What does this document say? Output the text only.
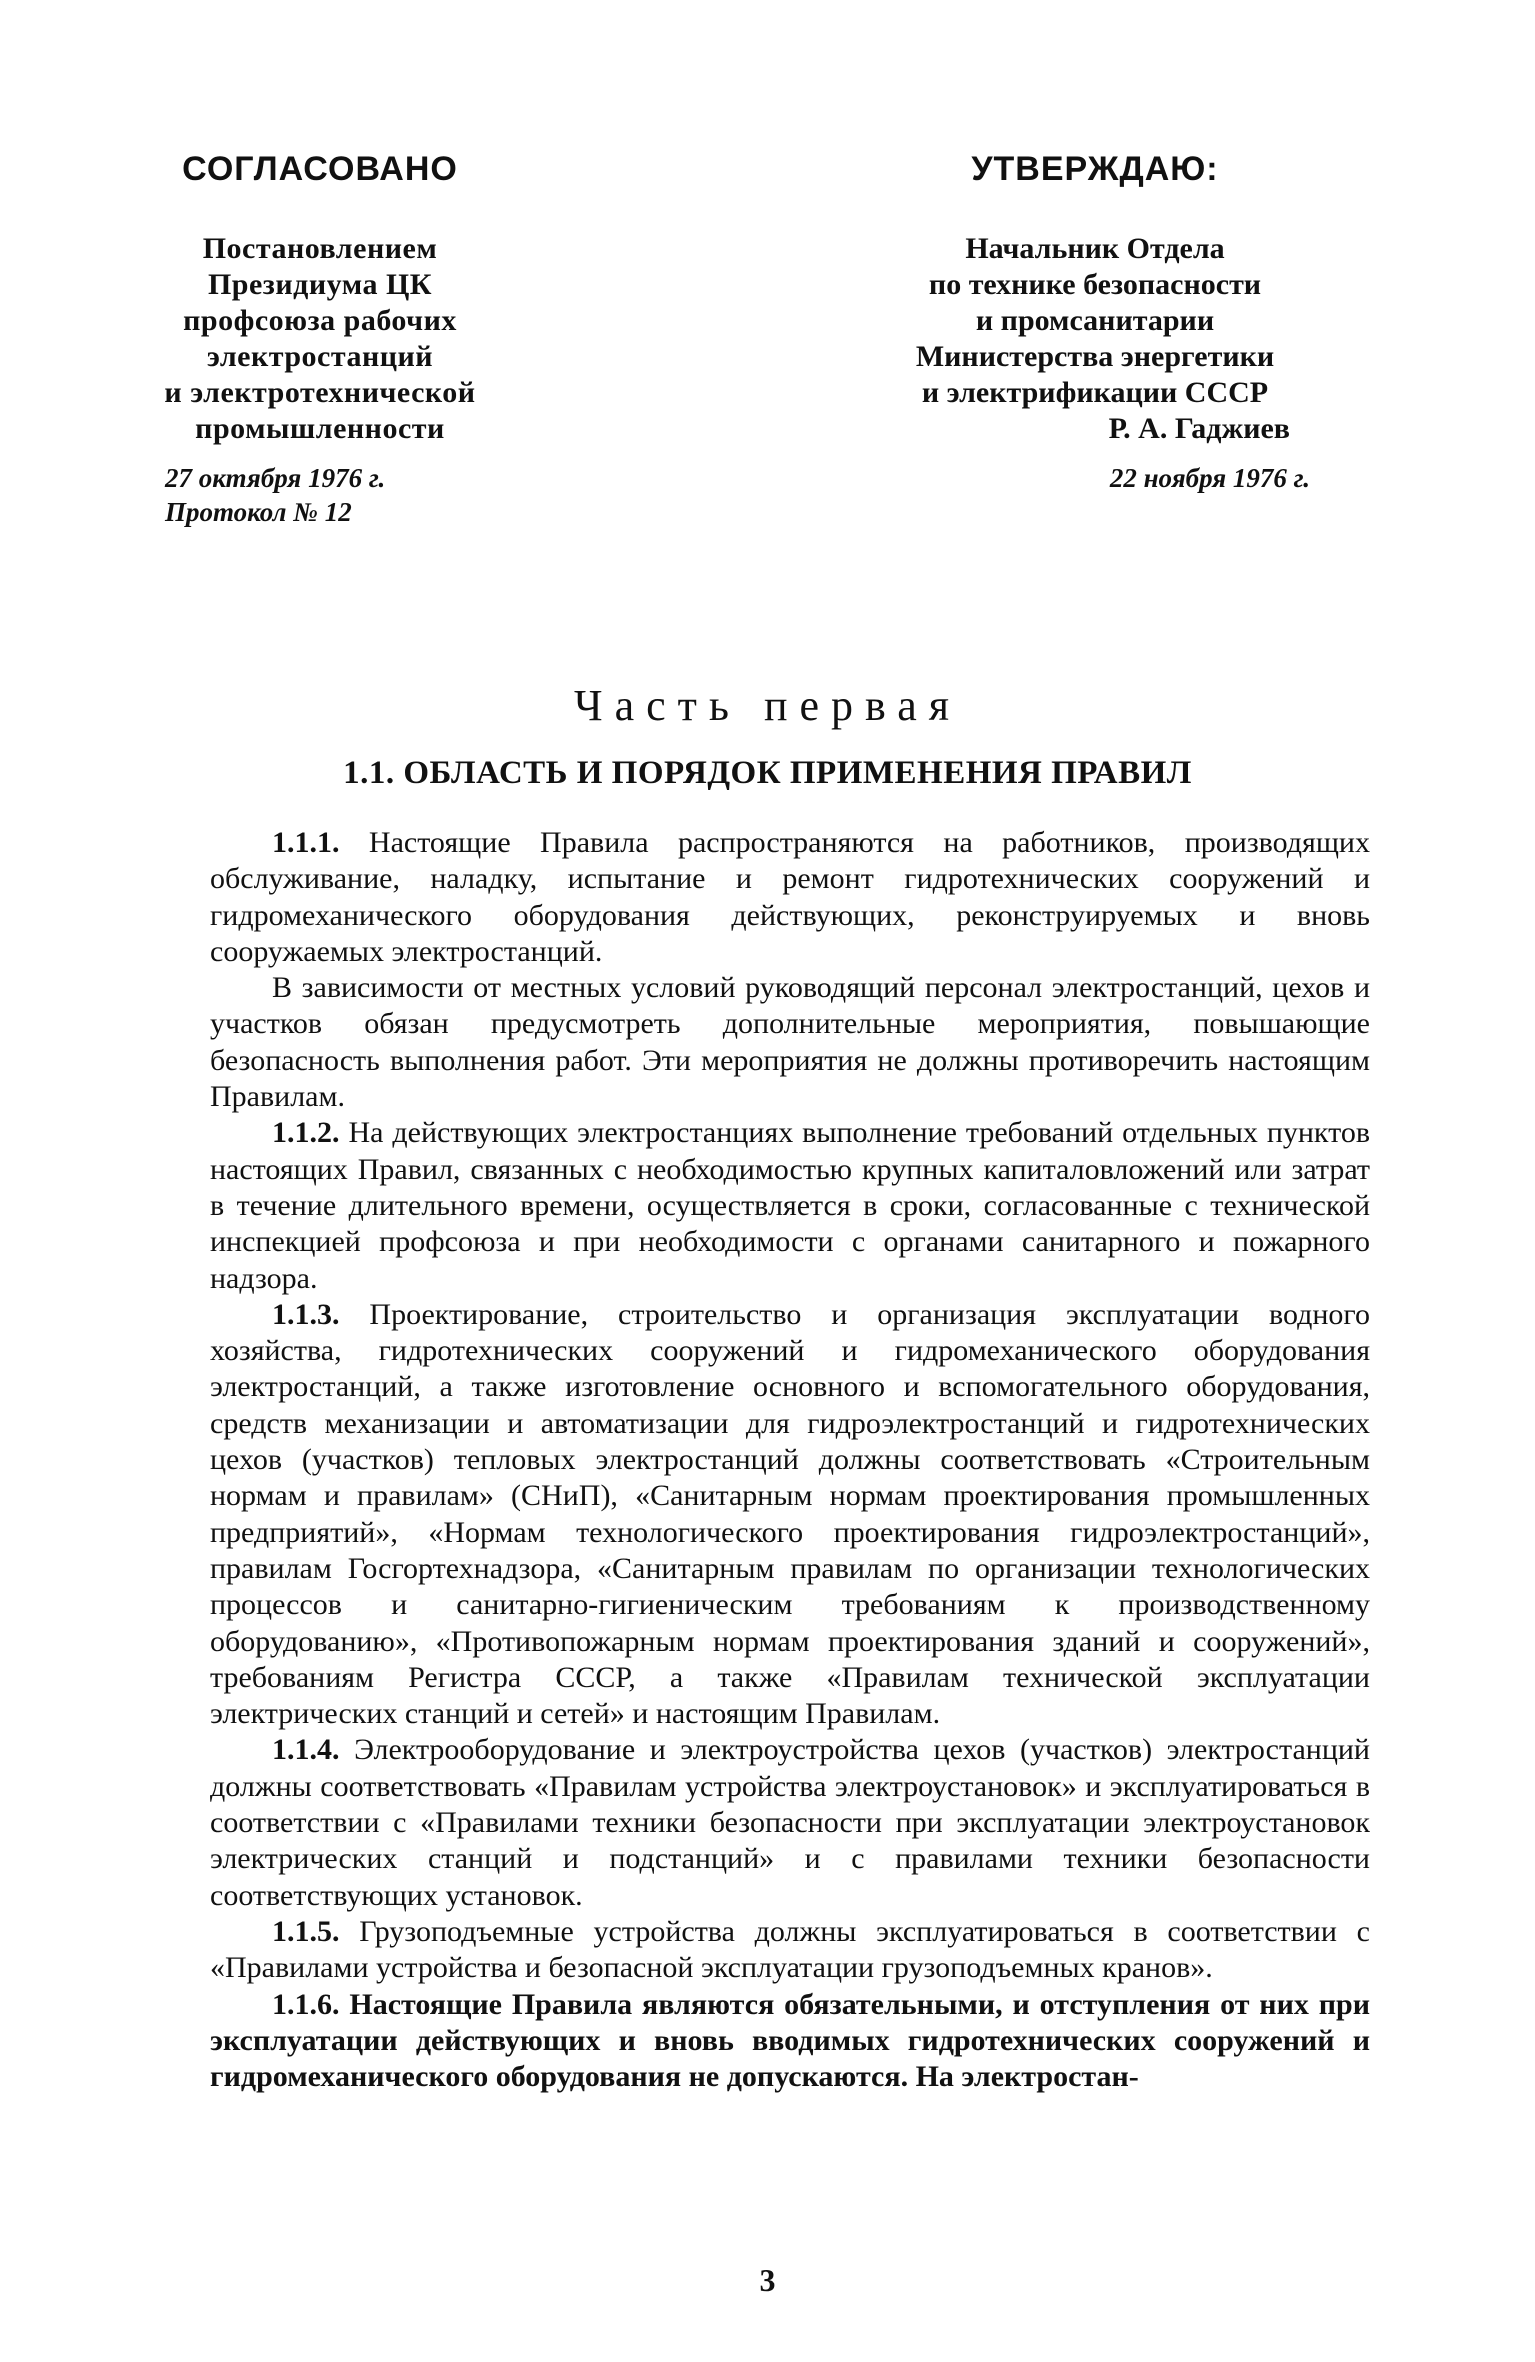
СОГЛАСОВАНО
Постановлением
Президиума ЦК
профсоюза рабочих
электростанций
и электротехнической
промышленности
27 октября 1976 г.
Протокол № 12
УТВЕРЖДАЮ:
Начальник Отдела
по технике безопасности
и промсанитарии
Министерства энергетики
и электрификации СССР
Р. А. Гаджиев
22 ноября 1976 г.
Часть первая
1.1. ОБЛАСТЬ И ПОРЯДОК ПРИМЕНЕНИЯ ПРАВИЛ

1.1.1. Настоящие Правила распространяются на работников, производящих обслуживание, наладку, испытание и ремонт гидротехнических сооружений и гидромеханического оборудования действующих, реконструируемых и вновь сооружаемых электростанций.

В зависимости от местных условий руководящий персонал электростанций, цехов и участков обязан предусмотреть дополнительные мероприятия, повышающие безопасность выполнения работ. Эти мероприятия не должны противоречить настоящим Правилам.

1.1.2. На действующих электростанциях выполнение требований отдельных пунктов настоящих Правил, связанных с необходимостью крупных капиталовложений или затрат в течение длительного времени, осуществляется в сроки, согласованные с технической инспекцией профсоюза и при необходимости с органами санитарного и пожарного надзора.

1.1.3. Проектирование, строительство и организация эксплуатации водного хозяйства, гидротехнических сооружений и гидромеханического оборудования электростанций, а также изготовление основного и вспомогательного оборудования, средств механизации и автоматизации для гидроэлектростанций и гидротехнических цехов (участков) тепловых электростанций должны соответствовать «Строительным нормам и правилам» (СНиП), «Санитарным нормам проектирования промышленных предприятий», «Нормам технологического проектирования гидроэлектростанций», правилам Госгортехнадзора, «Санитарным правилам по организации технологических процессов и санитарно-гигиеническим требованиям к производственному оборудованию», «Противопожарным нормам проектирования зданий и сооружений», требованиям Регистра СССР, а также «Правилам технической эксплуатации электрических станций и сетей» и настоящим Правилам.

1.1.4. Электрооборудование и электроустройства цехов (участков) электростанций должны соответствовать «Правилам устройства электроустановок» и эксплуатироваться в соответствии с «Правилами техники безопасности при эксплуатации электроустановок электрических станций и подстанций» и с правилами техники безопасности соответствующих установок.

1.1.5. Грузоподъемные устройства должны эксплуатироваться в соответствии с «Правилами устройства и безопасной эксплуатации грузоподъемных кранов».

1.1.6. Настоящие Правила являются обязательными, и отступления от них при эксплуатации действующих и вновь вводимых гидротехнических сооружений и гидромеханического оборудования не допускаются. На электростан-

3
